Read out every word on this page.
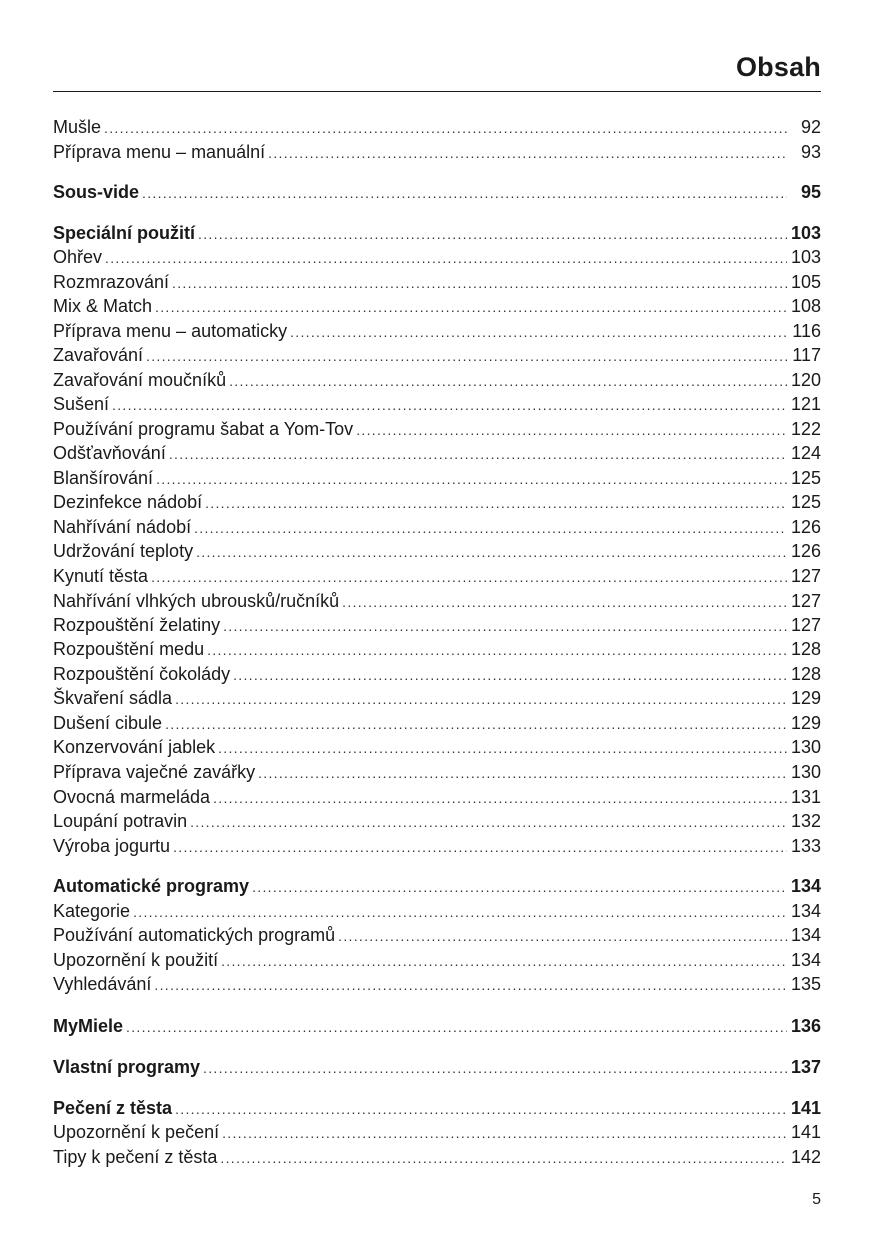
Obsah
Mušle .....	92
Příprava menu – manuální .....	93
Sous-vide .....	95
Speciální použití .....	103
Ohřev .....	103
Rozmrazování .....	105
Mix & Match .....	108
Příprava menu – automaticky .....	116
Zavařování .....	117
Zavařování moučníků .....	120
Sušení .....	121
Používání programu šabat a Yom-Tov .....	122
Odšťavňování .....	124
Blanšírování .....	125
Dezinfekce nádobí .....	125
Nahřívání nádobí .....	126
Udržování teploty .....	126
Kynutí těsta .....	127
Nahřívání vlhkých ubrousků/ručníků .....	127
Rozpouštění želatiny .....	127
Rozpouštění medu .....	128
Rozpouštění čokolády .....	128
Škvaření sádla .....	129
Dušení cibule .....	129
Konzervování jablek .....	130
Příprava vaječné zavářky .....	130
Ovocná marmeláda .....	131
Loupání potravin .....	132
Výroba jogurtu .....	133
Automatické programy .....	134
Kategorie .....	134
Používání automatických programů .....	134
Upozornění k použití .....	134
Vyhledávání .....	135
MyMiele .....	136
Vlastní programy .....	137
Pečení z těsta .....	141
Upozornění k pečení .....	141
Tipy k pečení z těsta .....	142
5
